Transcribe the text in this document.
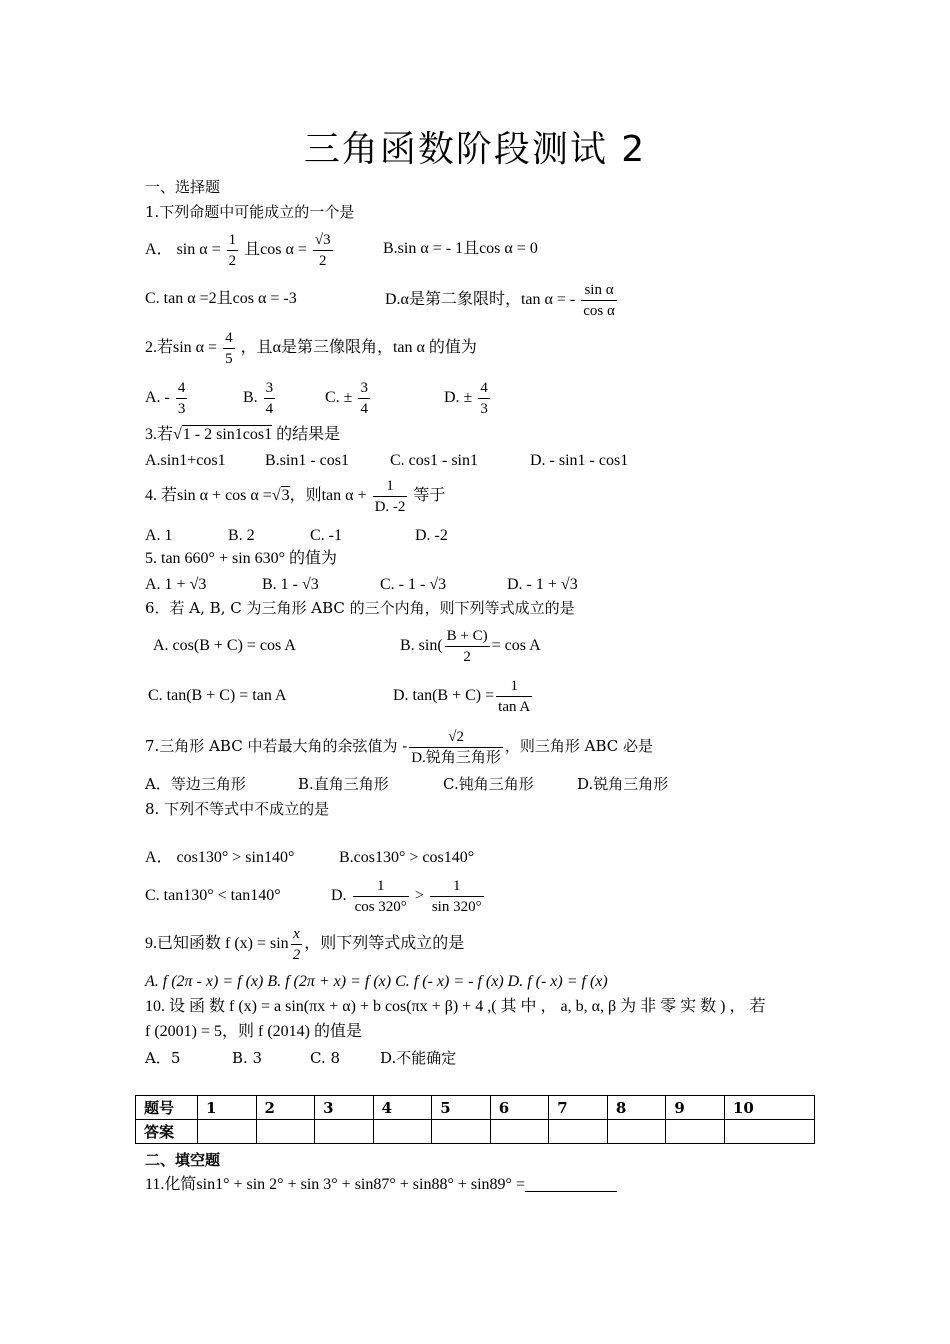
三角函数阶段测试 2
一、选择题
1.下列命题中可能成立的一个是
A． $\sin \alpha = \frac{1}{2}$ 且$\cos \alpha = \frac{√3}{2}$	B.sin α = - 1且cos α = 0
C. tan α =2且cos α = -3	D.α是第二象限时，tan α = - $\frac{\text{sin α}}{\text{cos α}}$
2.若$\sin \alpha = \frac{4}{5}$ ，且α是第三像限角，tan α 的值为
A. - $\frac{4}{3}$	B. $\frac{3}{4}$	C. ± $\frac{3}{4}$	D. ± $\frac{4}{3}$
3.若√1 - 2 sin1cos1 的结果是
A.sin1+cos1 B.sin1 - cos1	C. cos1 - sin1	D. - sin1 - cos1
4. 若sin α + cos α =√3，则$\tan \alpha + \frac{1}{D. -2}$ 等于
A. 1	B. 2	C. -1	D. -2
5. tan 660° + sin 630° 的值为
A. 1 + √3	B. 1 - √3	C. - 1 - √3	D. - 1 + √3
6．若 A, B, C 为三角形 ABC 的三个内角，则下列等式成立的是
A. cos(B + C) = cos A	B. $\sin( \frac{B + C)}{2} = \cos A$
C. tan(B + C) = tan A	D. $\tan(B + C) = \frac{1}{\text{tan A}}$
7.三角形 ABC 中若最大角的余弦值为 - $\frac{√2}{\text{D.锐角三角形}}$ ，则三角形 ABC 必是
A．等边三角形	B.直角三角形	C.钝角三角形	D.锐角三角形
8. 下列不等式中不成立的是
A． cos130° > sin140°	B.cos130° > cos140°
C. tan130° < tan140°	D. $\frac{1}{\cos 320^\circ} > \frac{1}{\sin 320^\circ}$
9.已知函数 f $(x) = \sin \frac{x}{2}$ ，则下列等式成立的是
A. f (2π - x) = f (x) B. f (2π + x) = f (x) C. f (- x) = - f (x) D. f (- x) = f (x)
10. 设 函 数 f (x) = a sin(πx + α) + b cos(πx + β) + 4 ,( 其 中 ， a, b, α, β 为 非 零 实 数 ) ， 若
f (2001) = 5，则 f (2014) 的值是
A．5	B. 3	C. 8	D.不能确定
题号	1	2	3	4	5	6	7	8	9	10
答案										
二、填空题
11.化简sin1° + sin 2° + sin 3° + sin87° + sin88° + sin89° =
